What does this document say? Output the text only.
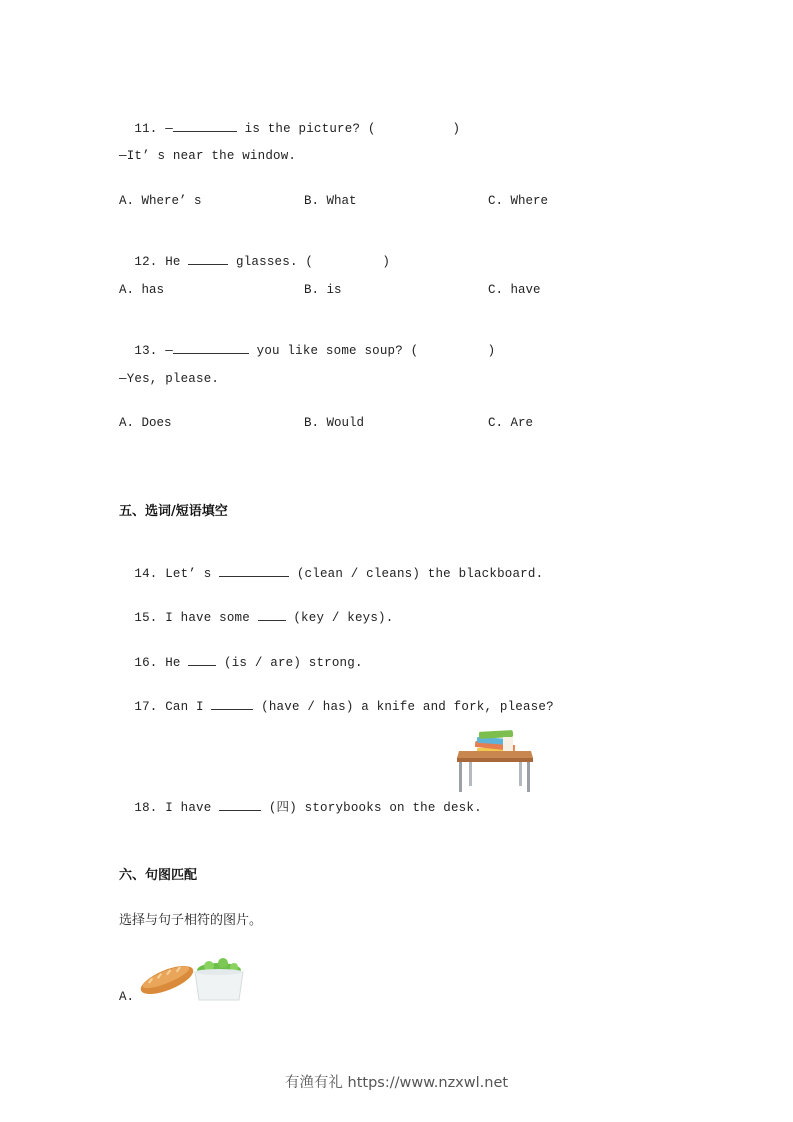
11. —	is the picture? (          )

—It’ s near the window.
A. Where’ s	B. What	C. Where

12. He	glasses. (         )

A. has	B. is	C. have

13. —	you like some soup? (         )

—Yes, please.
A. Does	B. Would	C. Are
五、选词/短语填空

14. Let’ s	(clean / cleans) the blackboard.

15. I have some  (key / keys).

16. He  (is / are) strong.

17. Can I	(have / has) a knife and fork, please?

18. I have	(四) storybooks on the desk.

六、句图匹配
选择与句子相符的图片。
A.
有渔有礼 https://www.nzxwl.net
